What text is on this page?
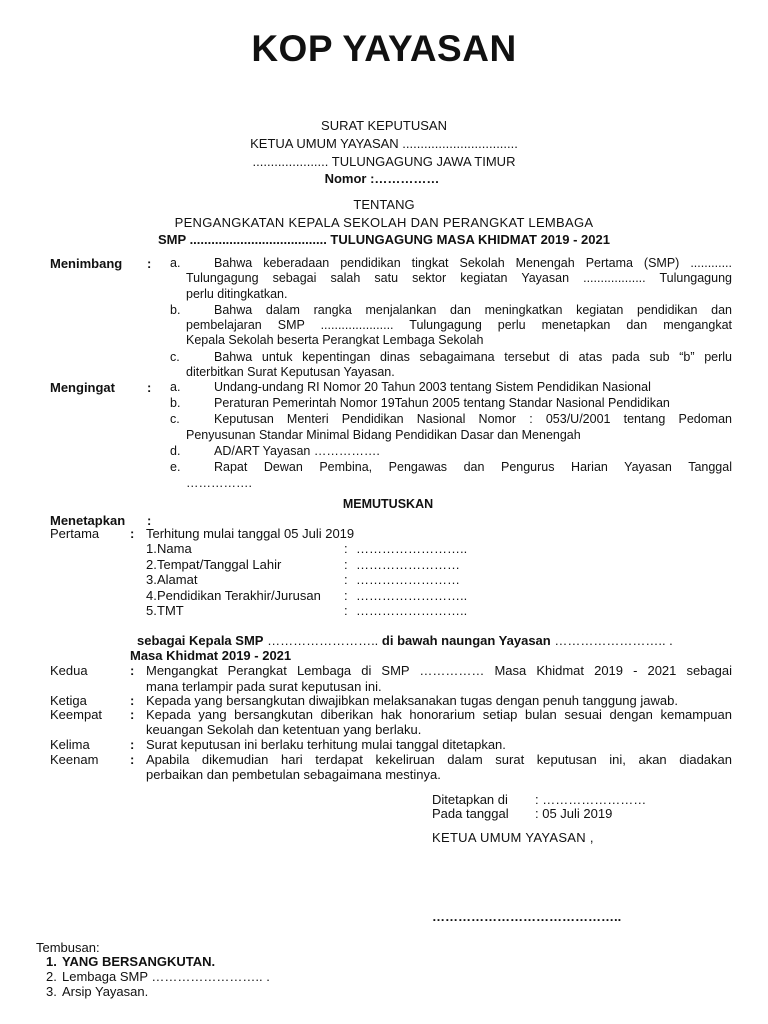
KOP YAYASAN
SURAT KEPUTUSAN
KETUA UMUM YAYASAN ................................
..................... TULUNGAGUNG JAWA TIMUR
Nomor :……………
TENTANG
PENGANGKATAN KEPALA SEKOLAH DAN PERANGKAT LEMBAGA
SMP ...................................... TULUNGAGUNG MASA KHIDMAT 2019 - 2021
Menimbang : a.	Bahwa keberadaan pendidikan tingkat Sekolah Menengah Pertama (SMP) ............
Tulungagung sebagai salah satu sektor kegiatan Yayasan .................. Tulungagung
perlu ditingkatkan.
b.	Bahwa dalam rangka menjalankan dan meningkatkan kegiatan pendidikan dan
pembelajaran SMP ..................... Tulungagung perlu menetapkan dan mengangkat
Kepala Sekolah beserta Perangkat Lembaga Sekolah
c.	Bahwa untuk kepentingan dinas sebagaimana tersebut di atas pada sub “b” perlu
diterbitkan Surat Keputusan Yayasan.
Mengingat : a.	Undang-undang RI Nomor 20 Tahun 2003 tentang Sistem Pendidikan Nasional
b.	Peraturan Pemerintah Nomor 19Tahun 2005 tentang Standar Nasional Pendidikan
c.	Keputusan Menteri Pendidikan Nasional Nomor : 053/U/2001 tentang Pedoman
Penyusunan Standar Minimal Bidang Pendidikan Dasar dan Menengah
d.	AD/ART Yayasan …………….
e.	Rapat Dewan Pembina, Pengawas dan Pengurus Harian Yayasan Tanggal
…………….
MEMUTUSKAN
Menetapkan :
Pertama : Terhitung mulai tanggal 05 Juli 2019
1. Nama	: ……………………..
2. Tempat/Tanggal Lahir	: ……………………
3. Alamat	: ……………………
4. Pendidikan Terakhir/Jurusan : ……………………..
5. TMT	: ……………………..
sebagai Kepala SMP …………………….. di bawah naungan Yayasan …………………….. .
Masa Khidmat 2019 - 2021
Kedua	: Mengangkat Perangkat Lembaga di SMP …………… Masa Khidmat 2019 - 2021 sebagai
mana terlampir pada surat keputusan ini.
Ketiga	: Kepada yang bersangkutan diwajibkan melaksanakan tugas dengan penuh tanggung jawab.
Keempat : Kepada yang bersangkutan diberikan hak honorarium setiap bulan sesuai dengan kemampuan
keuangan Sekolah dan ketentuan yang berlaku.
Kelima	: Surat keputusan ini berlaku terhitung mulai tanggal ditetapkan.
Keenam : Apabila dikemudian hari terdapat kekeliruan dalam surat keputusan ini, akan diadakan
perbaikan dan pembetulan sebagaimana mestinya.
Ditetapkan di : ……………………
Pada tanggal : 05 Juli 2019
KETUA UMUM YAYASAN ,
……………………………………..
Tembusan:
1. YANG BERSANGKUTAN.
2. Lembaga SMP …………………….. .
3. Arsip Yayasan.
